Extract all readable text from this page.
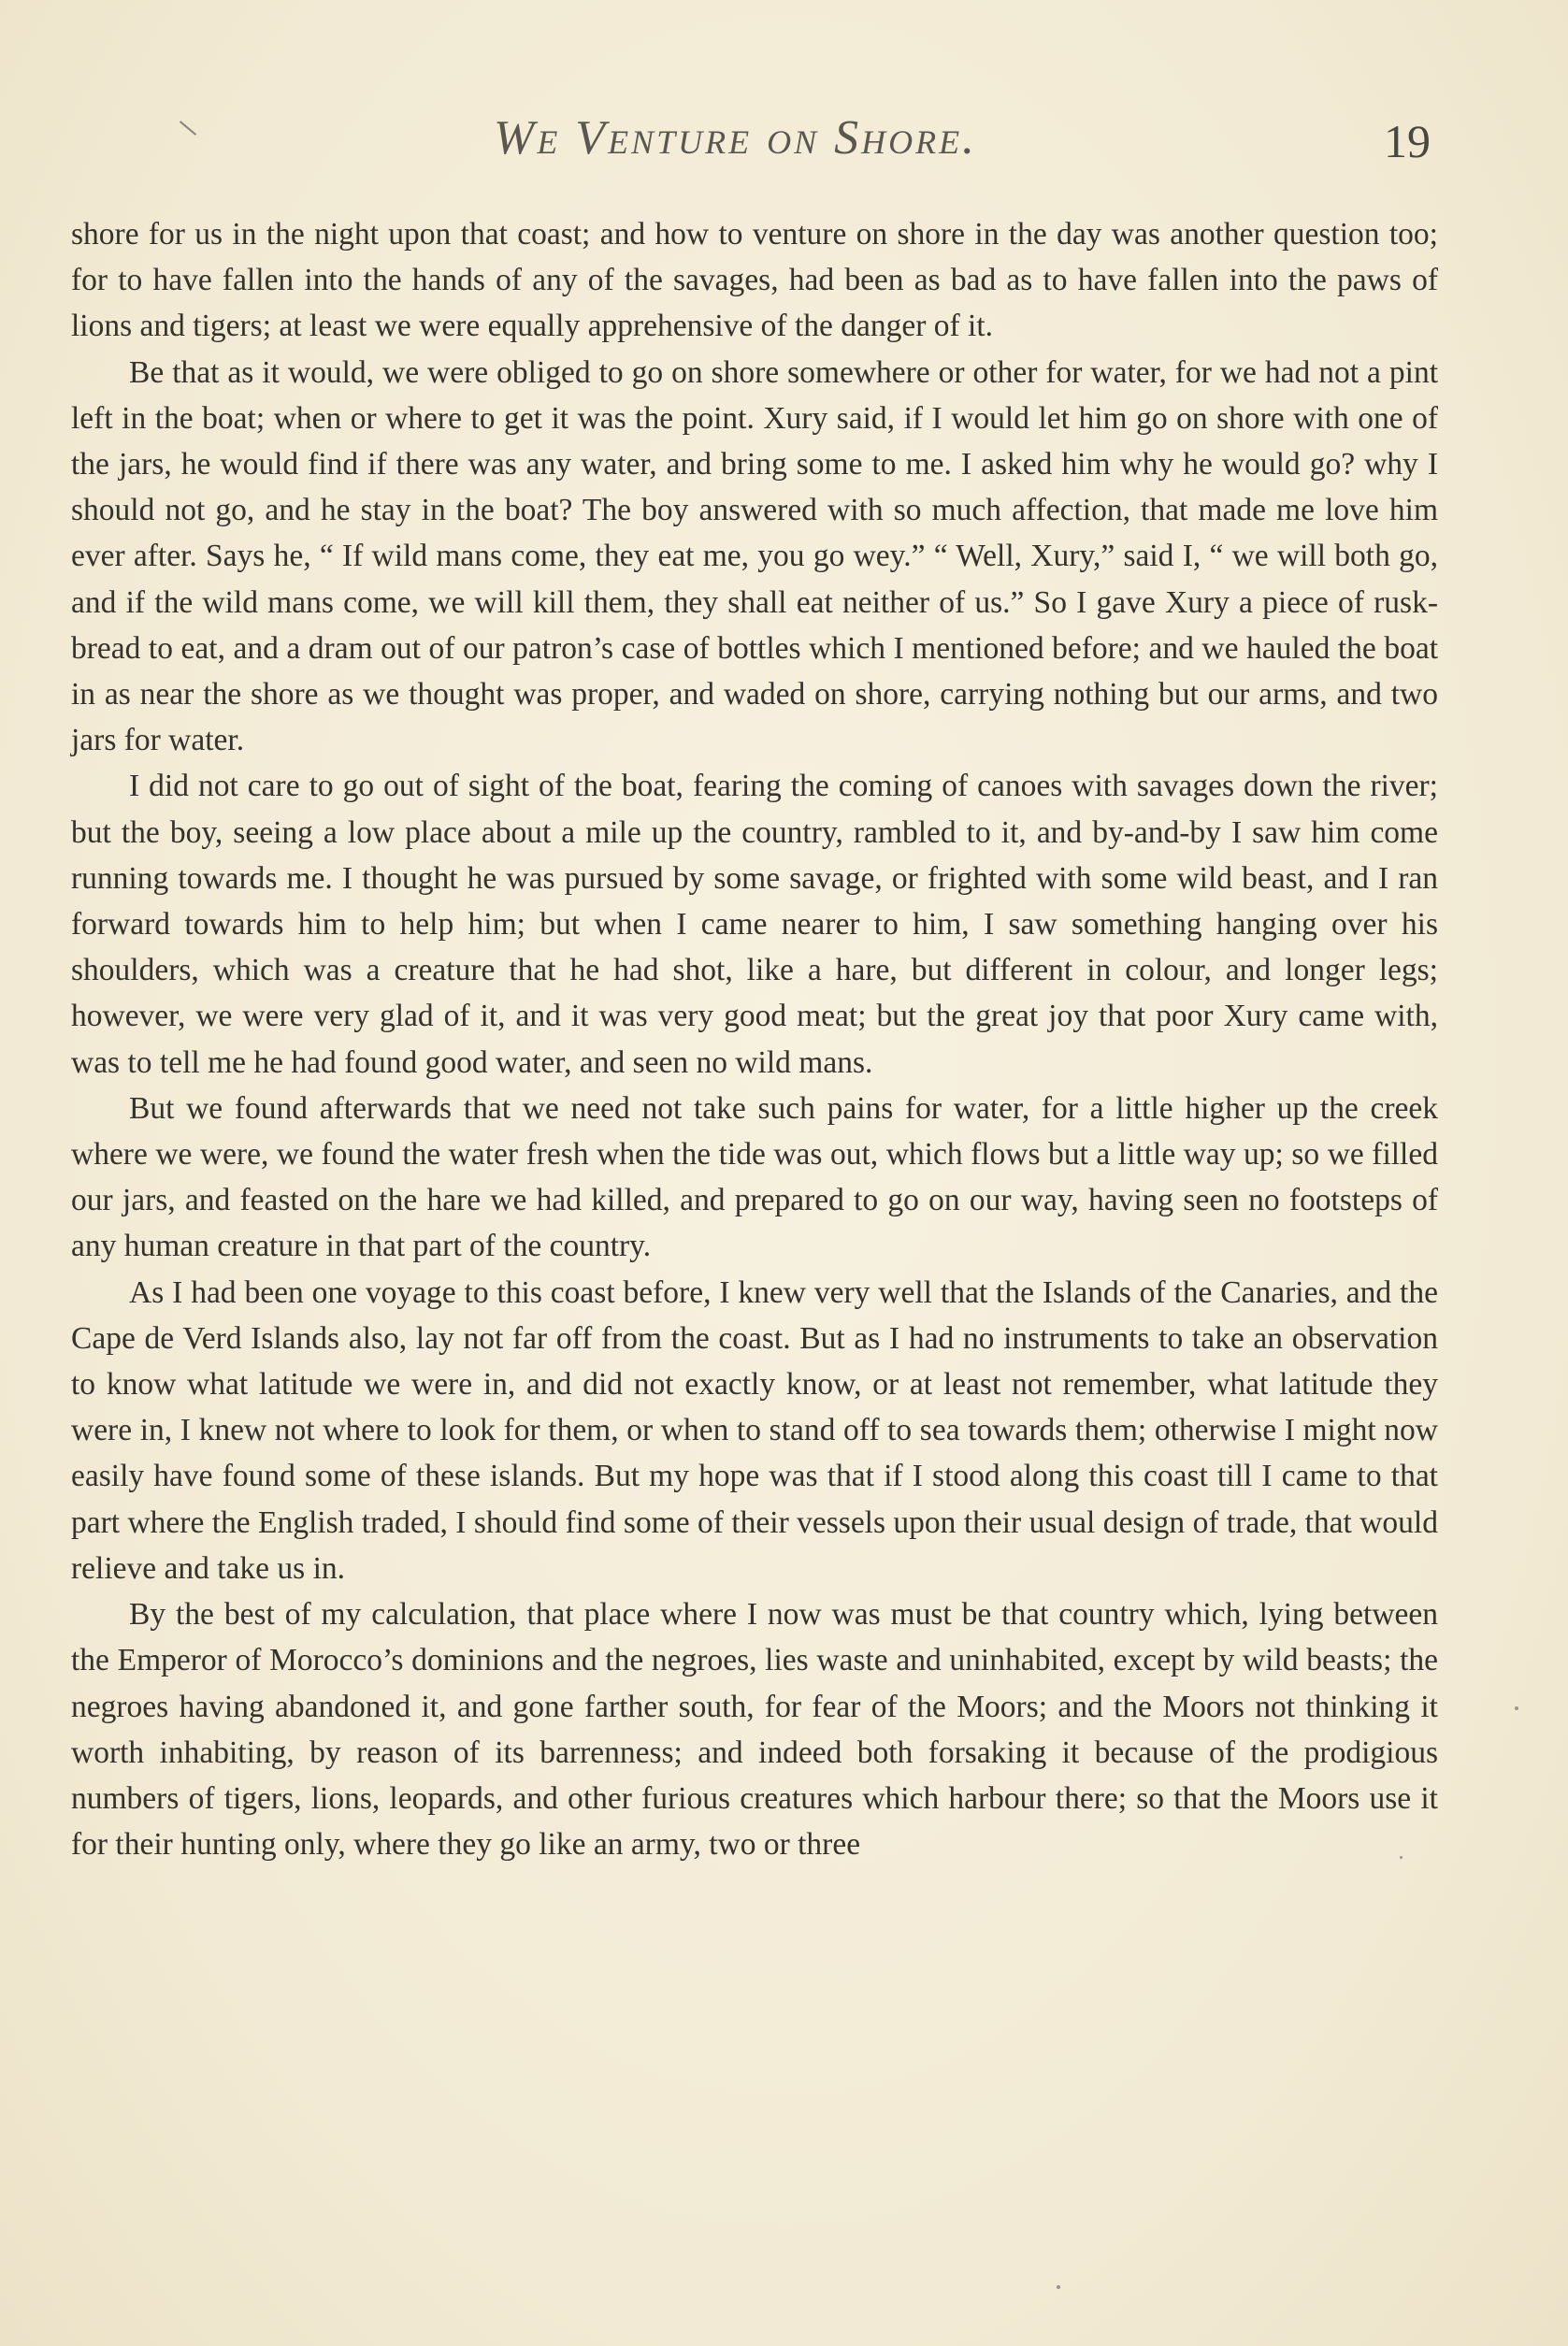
We Venture on Shore.	19

shore for us in the night upon that coast; and how to venture on shore in the day was another question too; for to have fallen into the hands of any of the savages, had been as bad as to have fallen into the paws of lions and tigers; at least we were equally apprehensive of the danger of it.

Be that as it would, we were obliged to go on shore somewhere or other for water, for we had not a pint left in the boat; when or where to get it was the point. Xury said, if I would let him go on shore with one of the jars, he would find if there was any water, and bring some to me. I asked him why he would go? why I should not go, and he stay in the boat? The boy answered with so much affection, that made me love him ever after. Says he, “ If wild mans come, they eat me, you go wey.” “ Well, Xury,” said I, “ we will both go, and if the wild mans come, we will kill them, they shall eat neither of us.” So I gave Xury a piece of rusk-bread to eat, and a dram out of our patron’s case of bottles which I mentioned before; and we hauled the boat in as near the shore as we thought was proper, and waded on shore, carrying nothing but our arms, and two jars for water.

I did not care to go out of sight of the boat, fearing the coming of canoes with savages down the river; but the boy, seeing a low place about a mile up the country, rambled to it, and by-and-by I saw him come running towards me. I thought he was pursued by some savage, or frighted with some wild beast, and I ran forward towards him to help him; but when I came nearer to him, I saw something hanging over his shoulders, which was a creature that he had shot, like a hare, but different in colour, and longer legs; however, we were very glad of it, and it was very good meat; but the great joy that poor Xury came with, was to tell me he had found good water, and seen no wild mans.

But we found afterwards that we need not take such pains for water, for a little higher up the creek where we were, we found the water fresh when the tide was out, which flows but a little way up; so we filled our jars, and feasted on the hare we had killed, and prepared to go on our way, having seen no footsteps of any human creature in that part of the country.

As I had been one voyage to this coast before, I knew very well that the Islands of the Canaries, and the Cape de Verd Islands also, lay not far off from the coast. But as I had no instruments to take an observation to know what latitude we were in, and did not exactly know, or at least not remember, what latitude they were in, I knew not where to look for them, or when to stand off to sea towards them; otherwise I might now easily have found some of these islands. But my hope was that if I stood along this coast till I came to that part where the English traded, I should find some of their vessels upon their usual design of trade, that would relieve and take us in.

By the best of my calculation, that place where I now was must be that country which, lying between the Emperor of Morocco’s dominions and the negroes, lies waste and uninhabited, except by wild beasts; the negroes having abandoned it, and gone farther south, for fear of the Moors; and the Moors not thinking it worth inhabiting, by reason of its barrenness; and indeed both forsaking it because of the prodigious numbers of tigers, lions, leopards, and other furious creatures which harbour there; so that the Moors use it for their hunting only, where they go like an army, two or three
